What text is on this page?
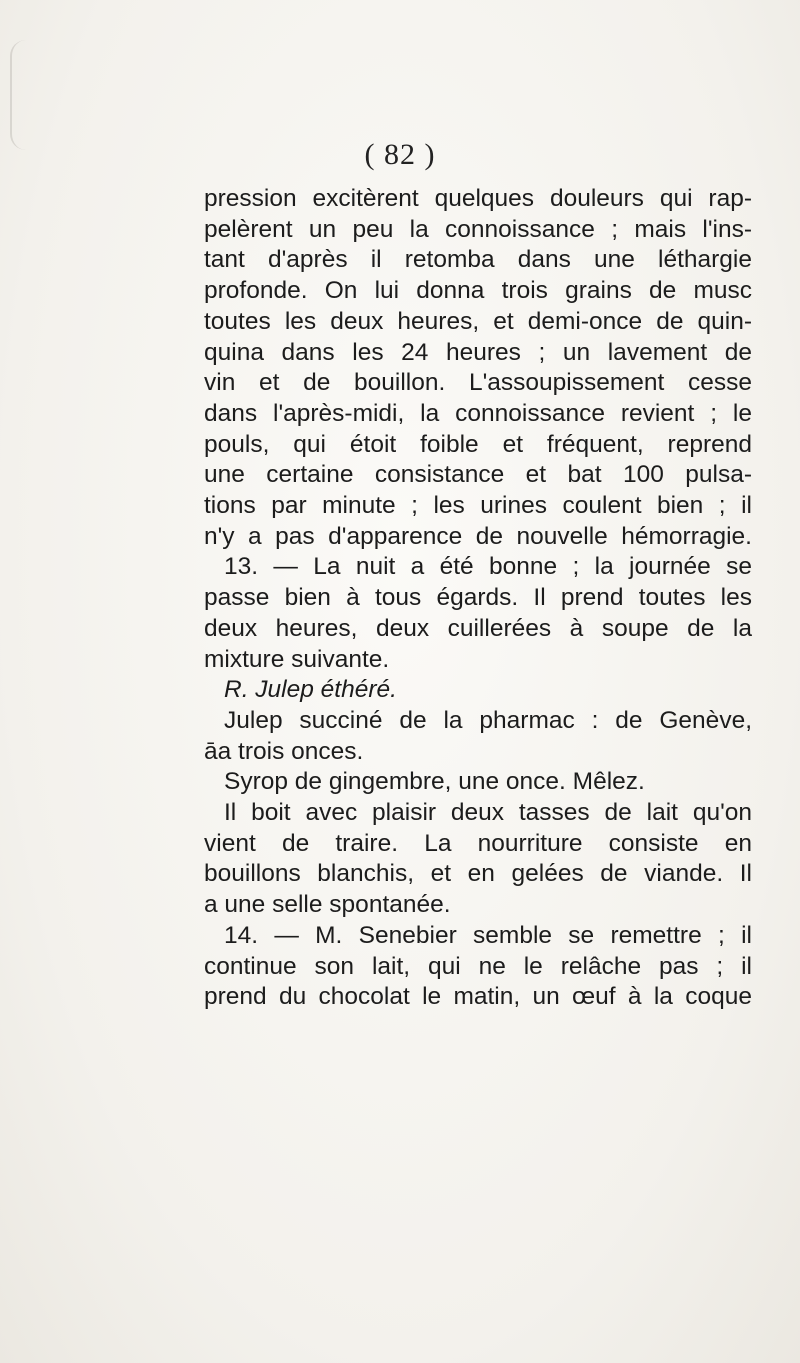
( 82 )
pression excitèrent quelques douleurs qui rap-
pelèrent un peu la connoissance ; mais l'ins-
tant d'après il retomba dans une léthargie
profonde. On lui donna trois grains de musc
toutes les deux heures, et demi-once de quin-
quina dans les 24 heures ; un lavement de
vin et de bouillon. L'assoupissement cesse
dans l'après-midi, la connoissance revient ; le
pouls, qui étoit foible et fréquent, reprend
une certaine consistance et bat 100 pulsa-
tions par minute ; les urines coulent bien ; il
n'y a pas d'apparence de nouvelle hémorragie.
13. — La nuit a été bonne ; la journée se
passe bien à tous égards. Il prend toutes les
deux heures, deux cuillerées à soupe de la
mixture suivante.
R. Julep éthéré.
Julep succiné de la pharmac : de Genève,
āa trois onces.
Syrop de gingembre, une once. Mêlez.
Il boit avec plaisir deux tasses de lait qu'on
vient de traire. La nourriture consiste en
bouillons blanchis, et en gelées de viande. Il
a une selle spontanée.
14. — M. Senebier semble se remettre ; il
continue son lait, qui ne le relâche pas ; il
prend du chocolat le matin, un œuf à la coque
